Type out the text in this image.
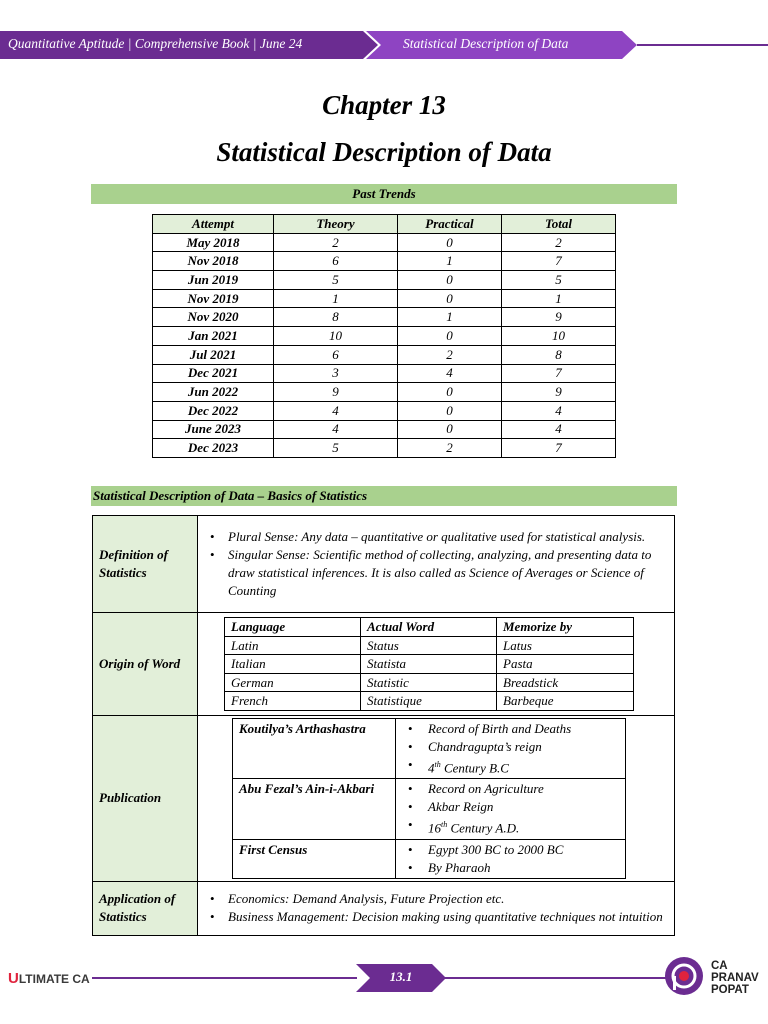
Quantitative Aptitude | Comprehensive Book | June 24	Statistical Description of Data
Chapter 13
Statistical Description of Data
Past Trends
Attempt	Theory	Practical	Total
May 2018	2	0	2
Nov 2018	6	1	7
Jun 2019	5	0	5
Nov 2019	1	0	1
Nov 2020	8	1	9
Jan 2021	10	0	10
Jul 2021	6	2	8
Dec 2021	3	4	7
Jun 2022	9	0	9
Dec 2022	4	0	4
June 2023	4	0	4
Dec 2023	5	2	7
Statistical Description of Data – Basics of Statistics
Definition of Statistics	
• Plural Sense: Any data – quantitative or qualitative used for statistical analysis.
• Singular Sense: Scientific method of collecting, analyzing, and presenting data to draw statistical inferences. It is also called as Science of Averages or Science of Counting

Origin of Word	
Language	Actual Word	Memorize by
Latin	Status	Latus
Italian	Statista	Pasta
German	Statistic	Breadstick
French	Statistique	Barbeque

Publication	
Koutilya’s Arthashastra	
•Record of Birth and Deaths
• Chandragupta’s reign
• 4th Century B.C

Abu Fezal’s Ain-i-Akbari	
•Record on Agriculture
• Akbar Reign
• 16th Century A.D.

First Census	
•Egypt 300 BC to 2000 BC
• By Pharaoh

Application of Statistics	
• Economics: Demand Analysis, Future Projection etc.
• Business Management: Decision making using quantitative techniques not intuition
ULTIMATE CA	13.1
CA
PRANAV
POPAT
